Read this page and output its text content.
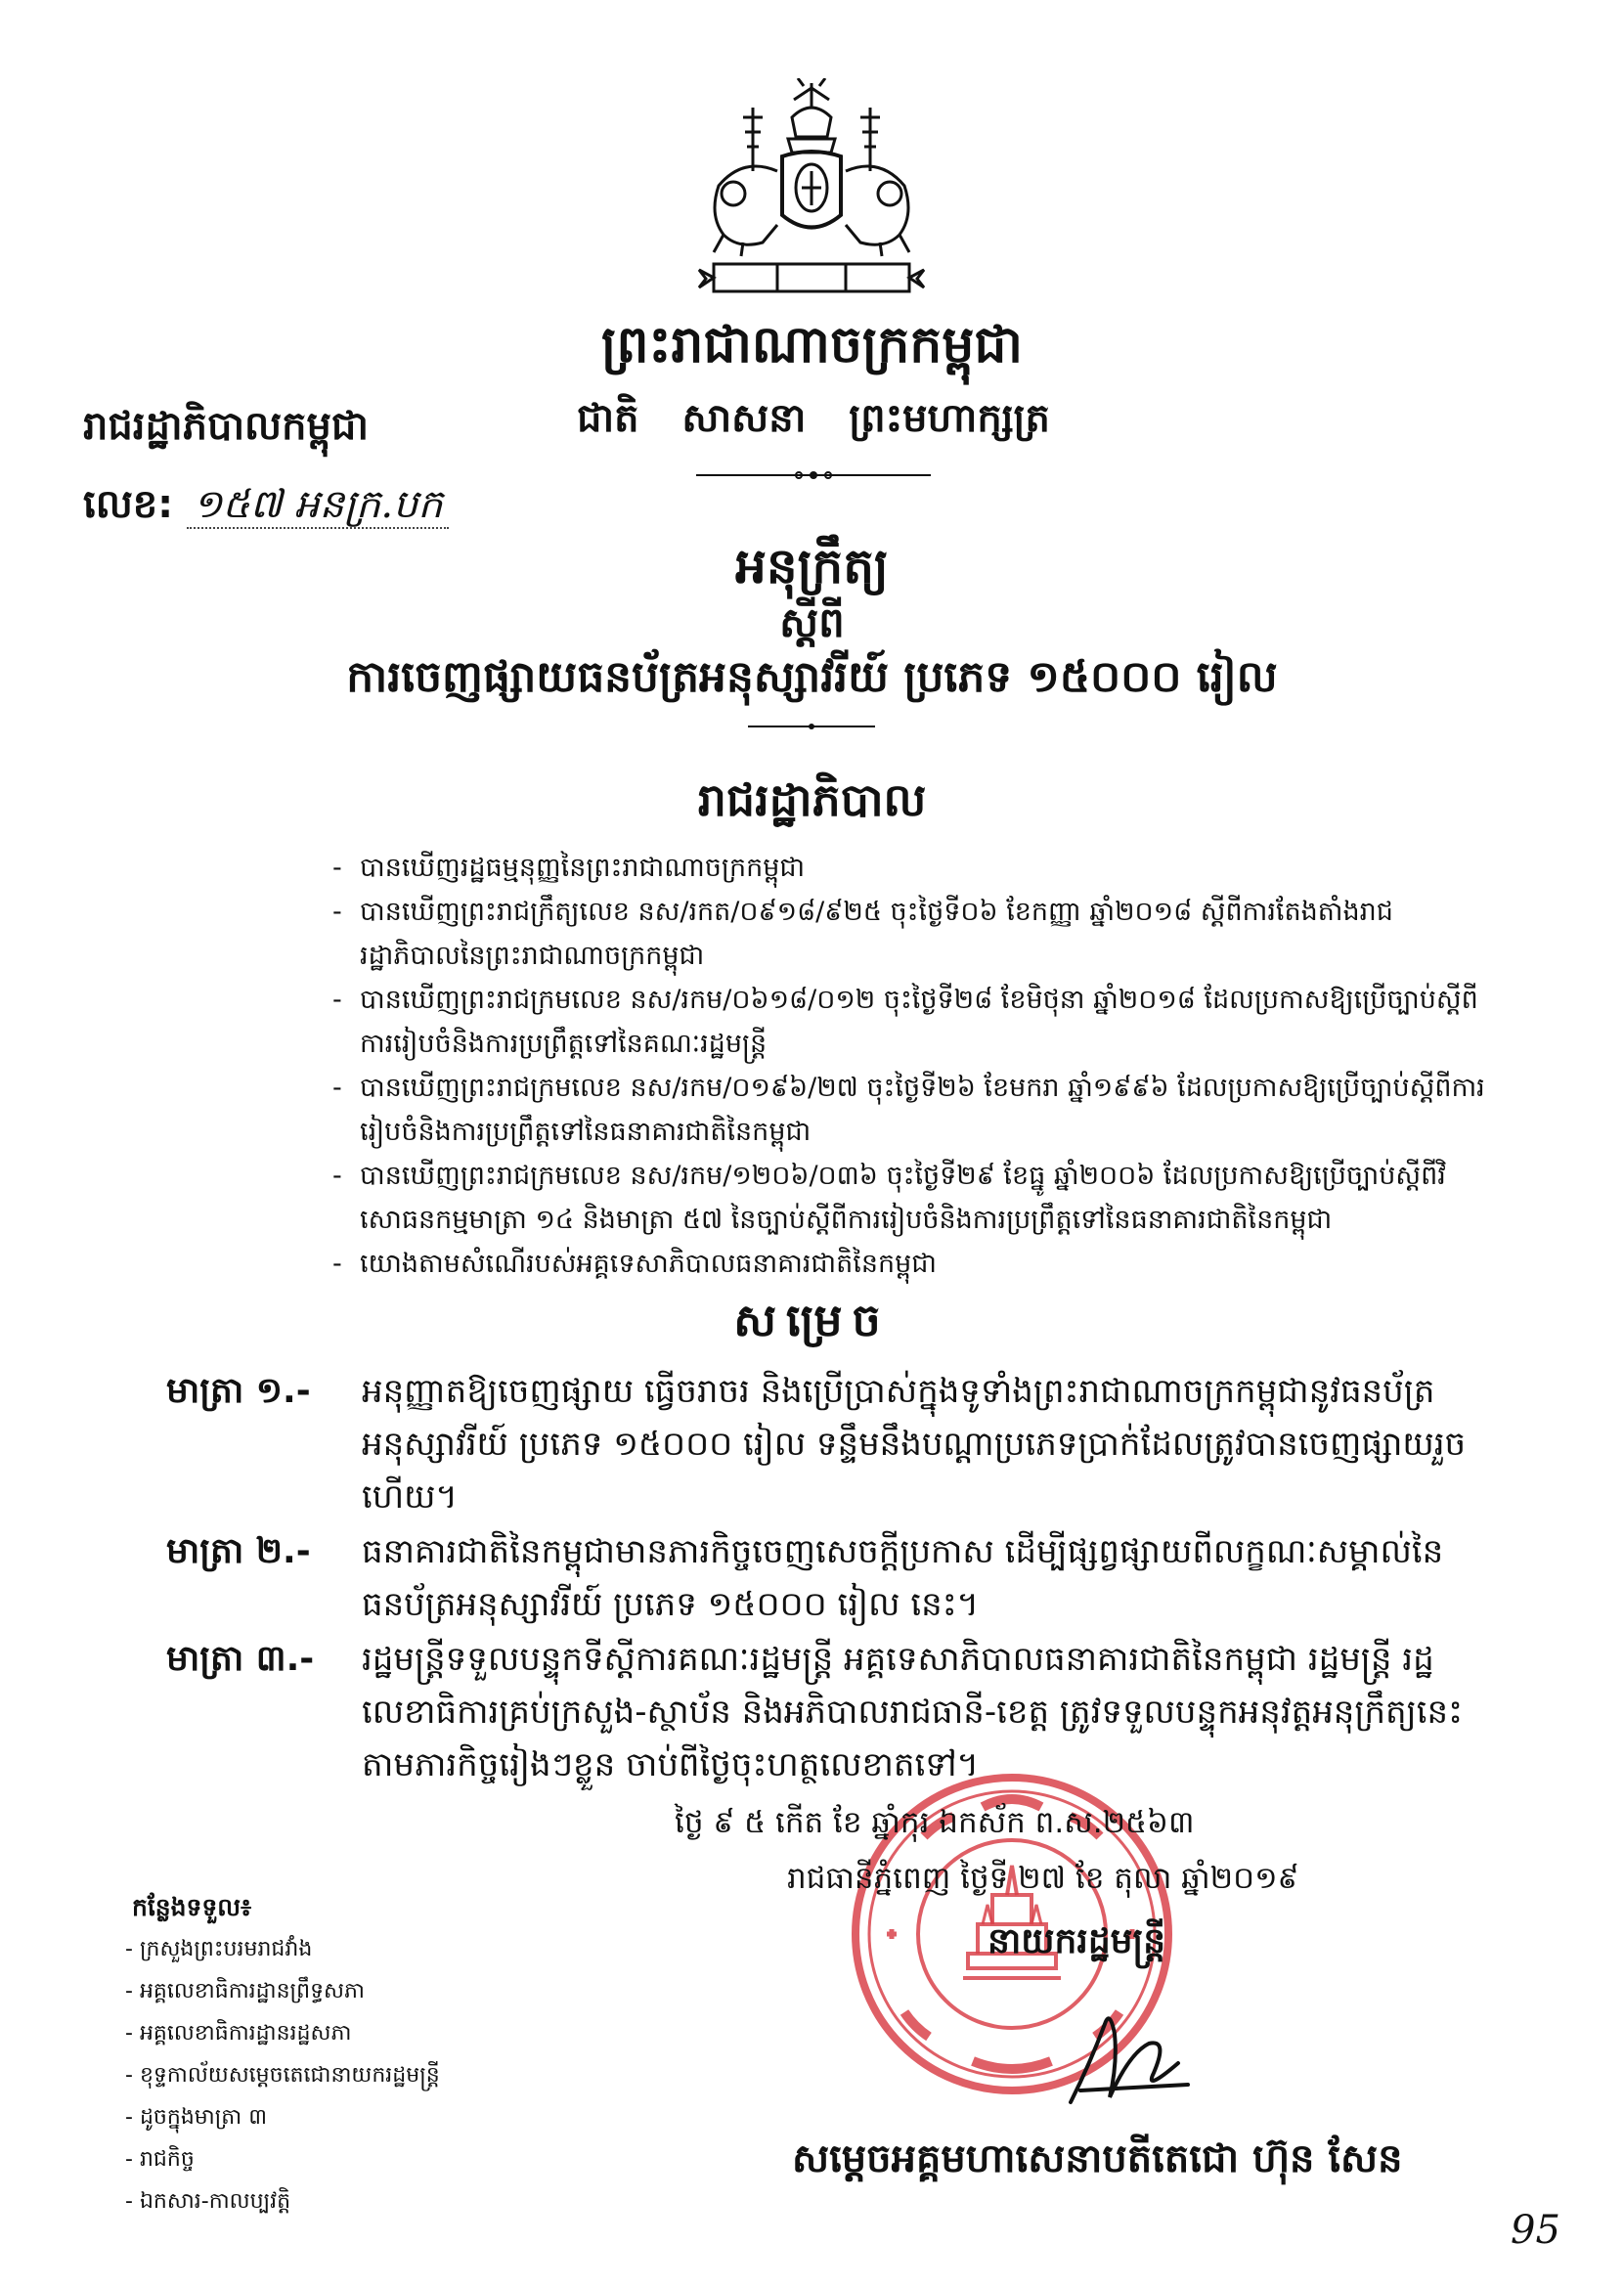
ព្រះរាជាណាចក្រកម្ពុជា
ជាតិ សាសនា ព្រះមហាក្សត្រ
រាជរដ្ឋាភិបាលកម្ពុជា
លេខ: ១៥៧ អនក្រ.បក
អនុក្រឹត្យ
ស្តីពី
ការចេញផ្សាយធនប័ត្រអនុស្សាវរីយ៍ ប្រភេទ ១៥០០០ រៀល
រាជរដ្ឋាភិបាល
- បានឃើញរដ្ឋធម្មនុញ្ញនៃព្រះរាជាណាចក្រកម្ពុជា
- បានឃើញព្រះរាជក្រឹត្យលេខ នស/រកត/០៩១៨/៩២៥ ចុះថ្ងៃទី០៦ ខែកញ្ញា ឆ្នាំ២០១៨ ស្តីពីការតែងតាំងរាជរដ្ឋាភិបាលនៃព្រះរាជាណាចក្រកម្ពុជា
- បានឃើញព្រះរាជក្រមលេខ នស/រកម/០៦១៨/០១២ ចុះថ្ងៃទី២៨ ខែមិថុនា ឆ្នាំ២០១៨ ដែលប្រកាសឱ្យប្រើច្បាប់ស្តីពីការរៀបចំនិងការប្រព្រឹត្តទៅនៃគណៈរដ្ឋមន្ត្រី
- បានឃើញព្រះរាជក្រមលេខ នស/រកម/០១៩៦/២៧ ចុះថ្ងៃទី២៦ ខែមករា ឆ្នាំ១៩៩៦ ដែលប្រកាសឱ្យប្រើច្បាប់ស្តីពីការរៀបចំនិងការប្រព្រឹត្តទៅនៃធនាគារជាតិនៃកម្ពុជា
- បានឃើញព្រះរាជក្រមលេខ នស/រកម/១២០៦/០៣៦ ចុះថ្ងៃទី២៩ ខែធ្នូ ឆ្នាំ២០០៦ ដែលប្រកាសឱ្យប្រើច្បាប់ស្តីពីវិសោធនកម្មមាត្រា ១៤ និងមាត្រា ៥៧ នៃច្បាប់ស្តីពីការរៀបចំនិងការប្រព្រឹត្តទៅនៃធនាគារជាតិនៃកម្ពុជា
- យោងតាមសំណើរបស់អគ្គទេសាភិបាលធនាគារជាតិនៃកម្ពុជា
សម្រេច
មាត្រា ១.- អនុញ្ញាតឱ្យចេញផ្សាយ ធ្វើចរាចរ និងប្រើប្រាស់ក្នុងទូទាំងព្រះរាជាណាចក្រកម្ពុជានូវធនប័ត្រអនុស្សាវរីយ៍ ប្រភេទ ១៥០០០ រៀល ទន្ទឹមនឹងបណ្តាប្រភេទប្រាក់ដែលត្រូវបានចេញផ្សាយរួចហើយ។
មាត្រា ២.- ធនាគារជាតិនៃកម្ពុជាមានភារកិច្ចចេញសេចក្តីប្រកាស ដើម្បីផ្សព្វផ្សាយពីលក្ខណៈសម្គាល់នៃធនប័ត្រអនុស្សាវរីយ៍ ប្រភេទ ១៥០០០ រៀល នេះ។
មាត្រា ៣.- រដ្ឋមន្ត្រីទទួលបន្ទុកទីស្តីការគណៈរដ្ឋមន្ត្រី អគ្គទេសាភិបាលធនាគារជាតិនៃកម្ពុជា រដ្ឋមន្ត្រី រដ្ឋលេខាធិការគ្រប់ក្រសួង-ស្ថាប័ន និងអភិបាលរាជធានី-ខេត្ត ត្រូវទទួលបន្ទុកអនុវត្តអនុក្រឹត្យនេះតាមភារកិច្ចរៀងៗខ្លួន ចាប់ពីថ្ងៃចុះហត្ថលេខាតទៅ។
ថ្ងៃ ៩ ៥ កើត ខែ ឆ្នាំកុរ ឯកស័ក ព.ស.២៥៦៣
រាជធានីភ្នំពេញ ថ្ងៃទី ២៧ ខែ តុលា ឆ្នាំ២០១៩
នាយករដ្ឋមន្ត្រី
សម្តេចអគ្គមហាសេនាបតីតេជោ ហ៊ុន សែន
កន្លែងទទួល៖
- ក្រសួងព្រះបរមរាជវាំង
- អគ្គលេខាធិការដ្ឋានព្រឹទ្ធសភា
- អគ្គលេខាធិការដ្ឋានរដ្ឋសភា
- ខុទ្ទកាល័យសម្តេចតេជោនាយករដ្ឋមន្ត្រី
- ដូចក្នុងមាត្រា ៣
- រាជកិច្ច
- ឯកសារ-កាលប្បវត្តិ
95
